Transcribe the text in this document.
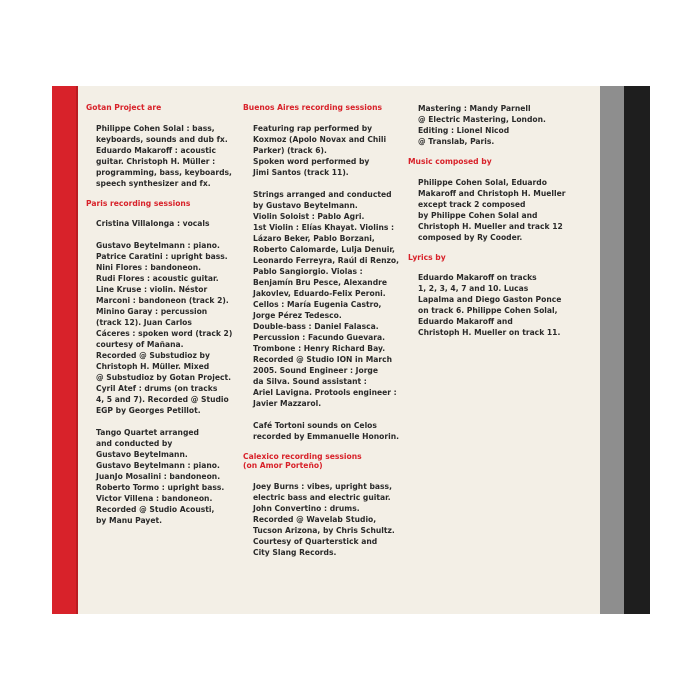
Gotan Project are
Philippe Cohen Solal : bass,
keyboards, sounds and dub fx.
Eduardo Makaroff : acoustic
guitar. Christoph H. Müller :
programming, bass, keyboards,
speech synthesizer and fx.
Paris recording sessions
Cristina Villalonga : vocals
Gustavo Beytelmann : piano.
Patrice Caratini : upright bass.
Nini Flores : bandoneon.
Rudi Flores : acoustic guitar.
Line Kruse : violin. Néstor
Marconi : bandoneon (track 2).
Minino Garay : percussion
(track 12). Juan Carlos
Cáceres : spoken word (track 2)
courtesy of Mañana.
Recorded @ Substudioz by
Christoph H. Müller. Mixed
@ Substudioz by Gotan Project.
Cyril Atef : drums (on tracks
4, 5 and 7). Recorded @ Studio
EGP by Georges Petillot.
Tango Quartet arranged
and conducted by
Gustavo Beytelmann.
Gustavo Beytelmann : piano.
JuanJo Mosalini : bandoneon.
Roberto Tormo : upright bass.
Victor Villena : bandoneon.
Recorded @ Studio Acousti,
by Manu Payet.
Buenos Aires recording sessions
Featuring rap performed by
Koxmoz (Apolo Novax and Chili
Parker) (track 6).
Spoken word performed by
Jimi Santos (track 11).
Strings arranged and conducted
by Gustavo Beytelmann.
Violin Soloist : Pablo Agri.
1st Violin : Elías Khayat. Violins :
Lázaro Beker, Pablo Borzani,
Roberto Calomarde, Lulja Denuir,
Leonardo Ferreyra, Raúl di Renzo,
Pablo Sangiorgio. Violas :
Benjamín Bru Pesce, Alexandre
Jakovlev, Eduardo-Felix Peroni.
Cellos : María Eugenia Castro,
Jorge Pérez Tedesco.
Double-bass : Daniel Falasca.
Percussion : Facundo Guevara.
Trombone : Henry Richard Bay.
Recorded @ Studio ION in March
2005. Sound Engineer : Jorge
da Silva. Sound assistant :
Ariel Lavigna. Protools engineer :
Javier Mazzarol.
Café Tortoni sounds on Celos
recorded by Emmanuelle Honorin.
Calexico recording sessions
(on Amor Porteño)
Joey Burns : vibes, upright bass,
electric bass and electric guitar.
John Convertino : drums.
Recorded @ Wavelab Studio,
Tucson Arizona, by Chris Schultz.
Courtesy of Quarterstick and
City Slang Records.
Mastering : Mandy Parnell
@ Electric Mastering, London.
Editing : Lionel Nicod
@ Translab, Paris.
Music composed by
Philippe Cohen Solal, Eduardo
Makaroff and Christoph H. Mueller
except track 2 composed
by Philippe Cohen Solal and
Christoph H. Mueller and track 12
composed by Ry Cooder.
Lyrics by
Eduardo Makaroff on tracks
1, 2, 3, 4, 7 and 10. Lucas
Lapalma and Diego Gaston Ponce
on track 6. Philippe Cohen Solal,
Eduardo Makaroff and
Christoph H. Mueller on track 11.
